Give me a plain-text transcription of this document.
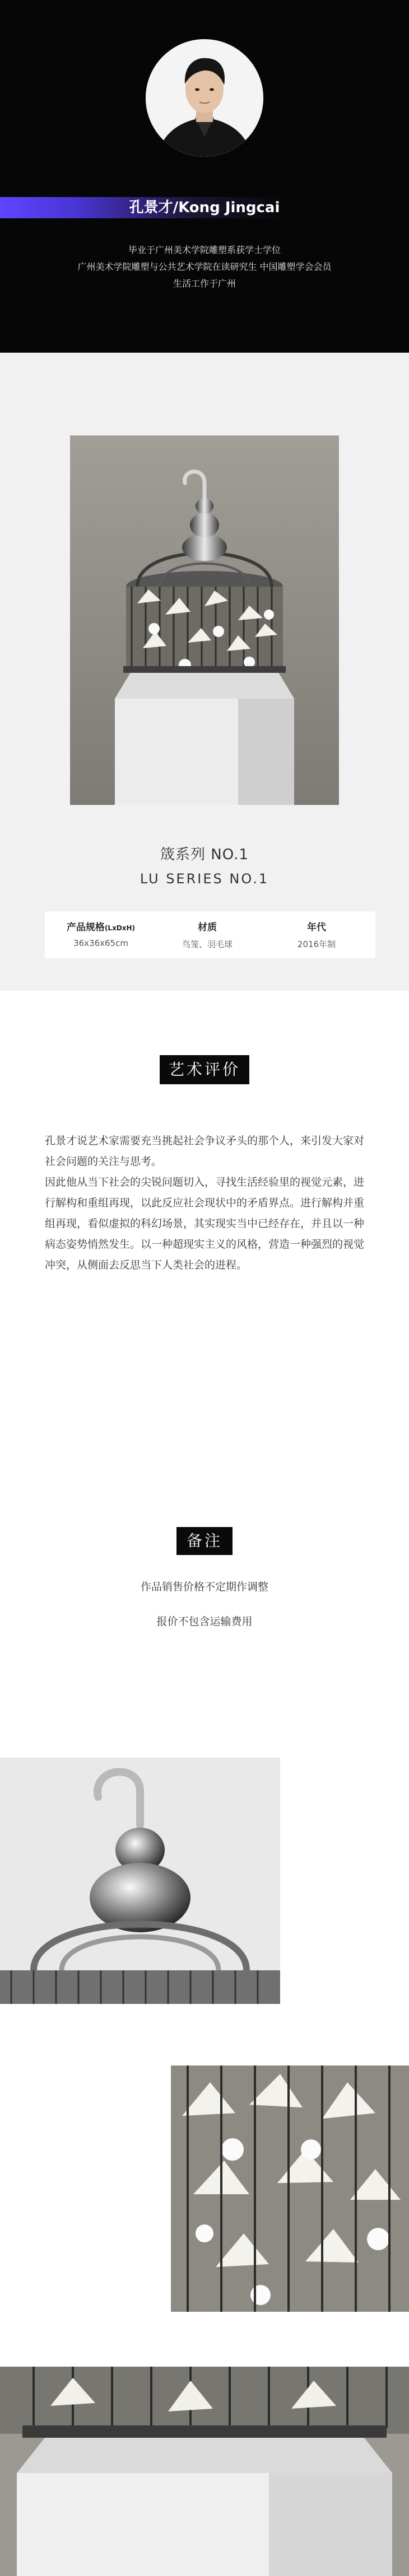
孔景才/Kong Jingcai
毕业于广州美术学院雕塑系获学士学位
广州美术学院雕塑与公共艺术学院在读研究生 中国雕塑学会会员
生活工作于广州
筬系列 NO.1
LU SERIES NO.1
产品规格(LxDxH)
36x36x65cm
材质
鸟笼、羽毛球
年代
2016年制
艺术评价

孔景才说艺术家需要充当挑起社会争议矛头的那个人，来引发大家对社会问题的关注与思考。

因此他从当下社会的尖锐问题切入，寻找生活经验里的视觉元素，进行解构和重组再现，以此反应社会现状中的矛盾界点。进行解构并重组再现，看似虚拟的科幻场景，其实现实当中已经存在，并且以一种病态姿势悄然发生。以一种超现实主义的风格，营造一种强烈的视觉冲突，从侧面去反思当下人类社会的进程。

备注
作品销售价格不定期作调整
报价不包含运输费用
